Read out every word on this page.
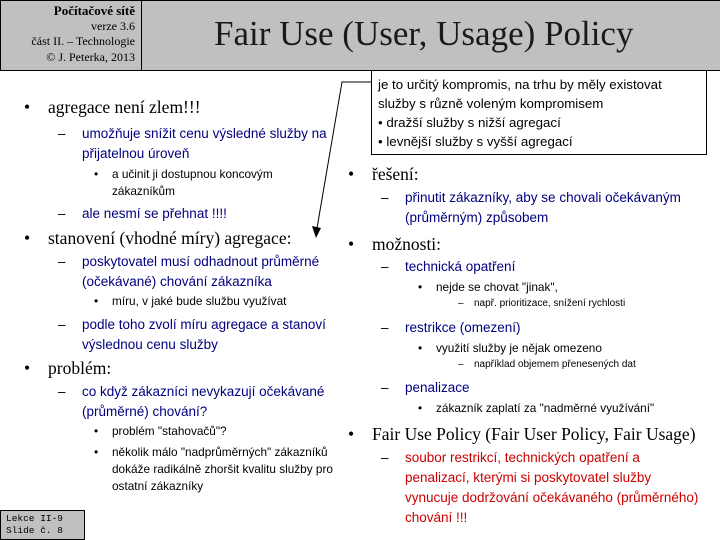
Počítačové sítě
verze 3.6
část II. – Technologie
© J. Peterka, 2013
Fair Use (User, Usage) Policy
je to určitý kompromis, na trhu by měly existovat
služby s různě voleným kompromisem
• dražší služby s nižší agregací
• levnější služby s vyšší agregací
• agregace není zlem!!!
– umožňuje snížit cenu výsledné služby na přijatelnou úroveň
• a učinit ji dostupnou koncovým zákazníkům
– ale nesmí se přehnat !!!!
• stanovení (vhodné míry) agregace:
– poskytovatel musí odhadnout průměrné (očekávané) chování zákazníka
• míru, v jaké bude službu využívat
– podle toho zvolí míru agregace a stanoví výslednou cenu služby
• problém:
– co když zákazníci nevykazují očekávané (průměrné) chování?
• problém "stahovačů"?
• několik málo "nadprůměrných" zákazníků dokáže radikálně zhoršit kvalitu služby pro ostatní zákazníky
• řešení:
– přinutit zákazníky, aby se chovali očekávaným (průměrným) způsobem
• možnosti:
– technická opatření
• nejde se chovat "jinak",
– např. prioritizace, snížení rychlosti
– restrikce (omezení)
• využití služby je nějak omezeno
– například objemem přenesených dat
– penalizace
• zákazník zaplatí za "nadměrné využívání"
• Fair Use Policy (Fair User Policy, Fair Usage)
– soubor restrikcí, technických opatření a penalizací, kterými si poskytovatel služby vynucuje dodržování očekávaného (průměrného) chování !!!
Lekce II-9
Slide č. 8
